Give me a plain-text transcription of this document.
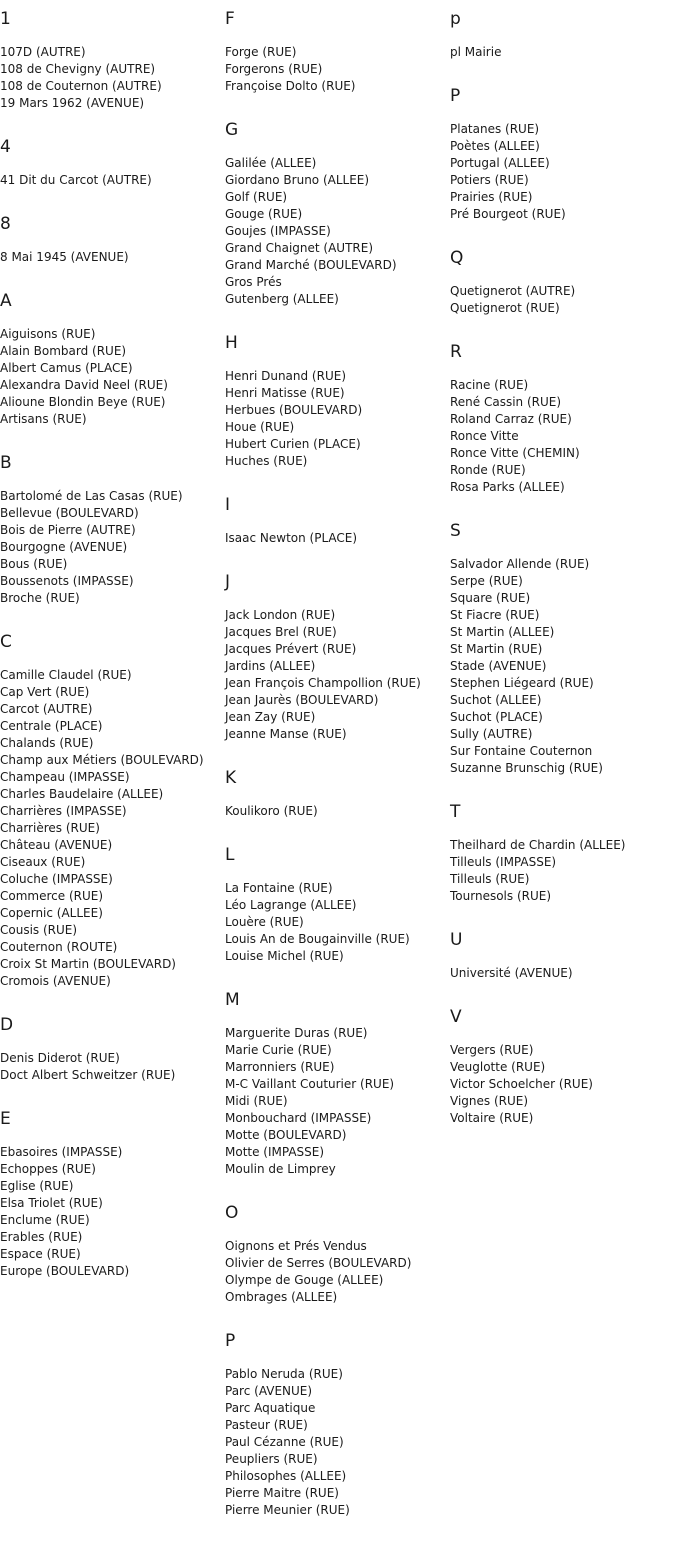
1
107D (AUTRE)
108 de Chevigny (AUTRE)
108 de Couternon (AUTRE)
19 Mars 1962 (AVENUE)
4
41 Dit du Carcot (AUTRE)
8
8 Mai 1945 (AVENUE)
A
Aiguisons (RUE)
Alain Bombard (RUE)
Albert Camus (PLACE)
Alexandra David Neel (RUE)
Alioune Blondin Beye (RUE)
Artisans (RUE)
B
Bartolomé de Las Casas (RUE)
Bellevue (BOULEVARD)
Bois de Pierre (AUTRE)
Bourgogne (AVENUE)
Bous (RUE)
Boussenots (IMPASSE)
Broche (RUE)
C
Camille Claudel (RUE)
Cap Vert (RUE)
Carcot (AUTRE)
Centrale (PLACE)
Chalands (RUE)
Champ aux Métiers (BOULEVARD)
Champeau (IMPASSE)
Charles Baudelaire (ALLEE)
Charrières (IMPASSE)
Charrières (RUE)
Château (AVENUE)
Ciseaux (RUE)
Coluche (IMPASSE)
Commerce (RUE)
Copernic (ALLEE)
Cousis (RUE)
Couternon (ROUTE)
Croix St Martin (BOULEVARD)
Cromois (AVENUE)
D
Denis Diderot (RUE)
Doct Albert Schweitzer (RUE)
E
Ebasoires (IMPASSE)
Echoppes (RUE)
Eglise (RUE)
Elsa Triolet (RUE)
Enclume (RUE)
Erables (RUE)
Espace (RUE)
Europe (BOULEVARD)
F
Forge (RUE)
Forgerons (RUE)
Françoise Dolto (RUE)
G
Galilée (ALLEE)
Giordano Bruno (ALLEE)
Golf (RUE)
Gouge (RUE)
Goujes (IMPASSE)
Grand Chaignet (AUTRE)
Grand Marché (BOULEVARD)
Gros Prés
Gutenberg (ALLEE)
H
Henri Dunand (RUE)
Henri Matisse (RUE)
Herbues (BOULEVARD)
Houe (RUE)
Hubert Curien (PLACE)
Huches (RUE)
I
Isaac Newton (PLACE)
J
Jack London (RUE)
Jacques Brel (RUE)
Jacques Prévert (RUE)
Jardins (ALLEE)
Jean François Champollion (RUE)
Jean Jaurès (BOULEVARD)
Jean Zay (RUE)
Jeanne Manse (RUE)
K
Koulikoro (RUE)
L
La Fontaine (RUE)
Léo Lagrange (ALLEE)
Louère (RUE)
Louis An de Bougainville (RUE)
Louise Michel (RUE)
M
Marguerite Duras (RUE)
Marie Curie (RUE)
Marronniers (RUE)
M-C Vaillant Couturier (RUE)
Midi (RUE)
Monbouchard (IMPASSE)
Motte (BOULEVARD)
Motte (IMPASSE)
Moulin de Limprey
O
Oignons et Prés Vendus
Olivier de Serres (BOULEVARD)
Olympe de Gouge (ALLEE)
Ombrages (ALLEE)
P
Pablo Neruda (RUE)
Parc (AVENUE)
Parc Aquatique
Pasteur (RUE)
Paul Cézanne (RUE)
Peupliers (RUE)
Philosophes (ALLEE)
Pierre Maitre (RUE)
Pierre Meunier (RUE)
p
pl Mairie
P
Platanes (RUE)
Poètes (ALLEE)
Portugal (ALLEE)
Potiers (RUE)
Prairies (RUE)
Pré Bourgeot (RUE)
Q
Quetignerot (AUTRE)
Quetignerot (RUE)
R
Racine (RUE)
René Cassin (RUE)
Roland Carraz (RUE)
Ronce Vitte
Ronce Vitte (CHEMIN)
Ronde (RUE)
Rosa Parks (ALLEE)
S
Salvador Allende (RUE)
Serpe (RUE)
Square (RUE)
St Fiacre (RUE)
St Martin (ALLEE)
St Martin (RUE)
Stade (AVENUE)
Stephen Liégeard (RUE)
Suchot (ALLEE)
Suchot (PLACE)
Sully (AUTRE)
Sur Fontaine Couternon
Suzanne Brunschig (RUE)
T
Theilhard de Chardin (ALLEE)
Tilleuls (IMPASSE)
Tilleuls (RUE)
Tournesols (RUE)
U
Université (AVENUE)
V
Vergers (RUE)
Veuglotte (RUE)
Victor Schoelcher (RUE)
Vignes (RUE)
Voltaire (RUE)
